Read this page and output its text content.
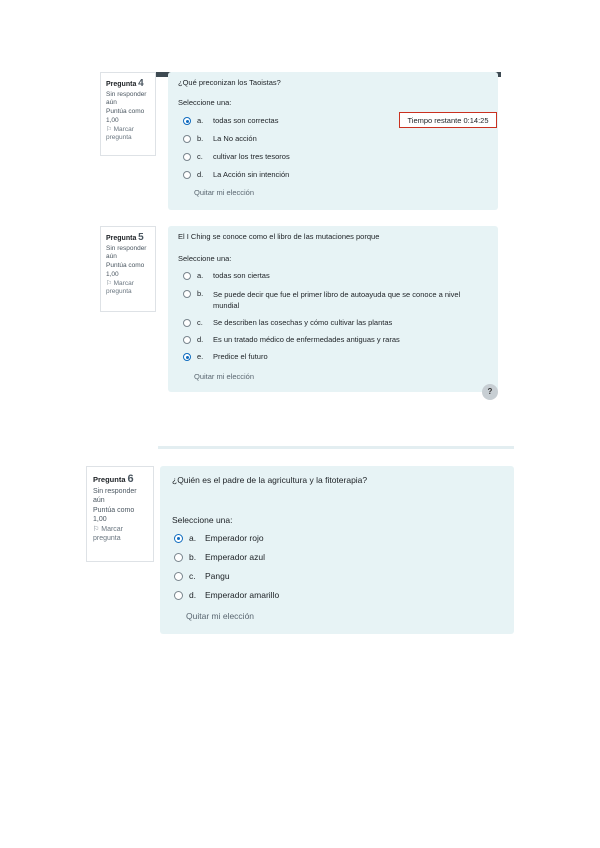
Pregunta 4
Sin responder aún
Puntúa como 1,00
⚐ Marcar pregunta
¿Qué preconizan los Taoistas?
Seleccione una:
a.	todas son correctas
b.	La No acción
c.	cultivar los tres tesoros
d.	La Acción sin intención
Quitar mi elección
Tiempo restante 0:14:25
Pregunta 5
Sin responder aún
Puntúa como 1,00
⚐ Marcar pregunta
El I Ching se conoce como el libro de las mutaciones porque
Seleccione una:
a.	todas son ciertas
b.	Se puede decir que fue el primer libro de autoayuda que se conoce a nivel mundial
c.	Se describen las cosechas y cómo cultivar las plantas
d.	Es un tratado médico de enfermedades antiguas y raras
e.	Predice el futuro
Quitar mi elección
?
Pregunta 6
Sin responder aún
Puntúa como 1,00
⚐ Marcar pregunta
¿Quién es el padre de la agricultura y la fitoterapia?
Seleccione una:
a.	Emperador rojo
b.	Emperador azul
c.	Pangu
d.	Emperador amarillo
Quitar mi elección
